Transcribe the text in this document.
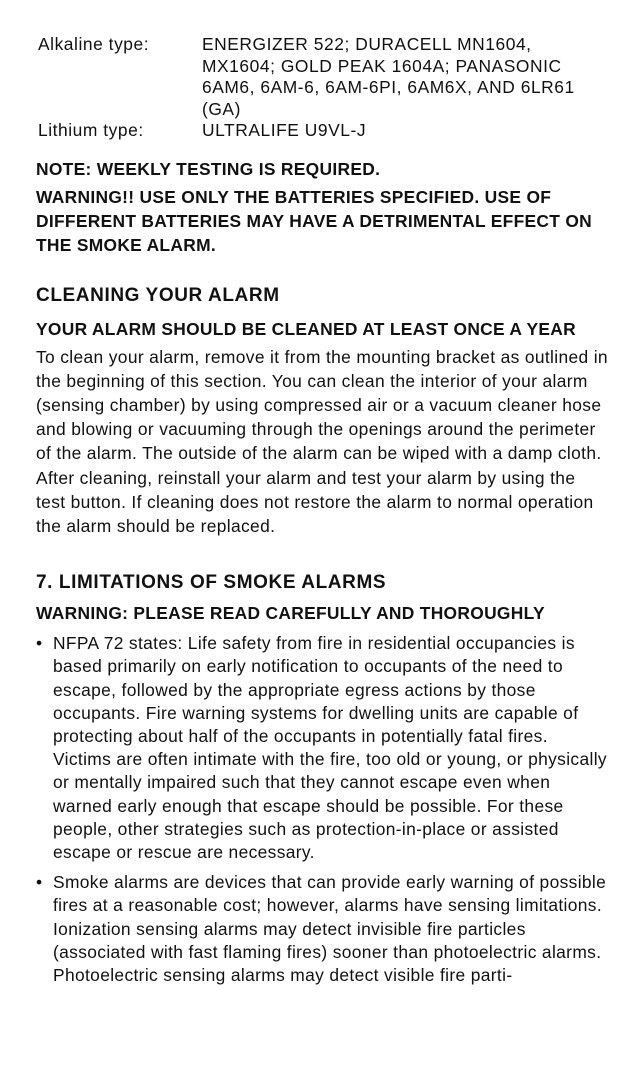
Alkaline type:	ENERGIZER 522; DURACELL MN1604, MX1604; GOLD PEAK 1604A; PANASONIC 6AM6, 6AM-6, 6AM-6PI, 6AM6X, AND 6LR61 (GA)
Lithium type:	ULTRALIFE U9VL-J
NOTE: WEEKLY TESTING IS REQUIRED.
WARNING!! USE ONLY THE BATTERIES SPECIFIED. USE OF DIFFERENT BATTERIES MAY HAVE A DETRIMENTAL EFFECT ON THE SMOKE ALARM.
CLEANING YOUR ALARM
YOUR ALARM SHOULD BE CLEANED AT LEAST ONCE A YEAR
To clean your alarm, remove it from the mounting bracket as outlined in the beginning of this section. You can clean the interior of your alarm (sensing chamber) by using compressed air or a vacuum cleaner hose and blowing or vacuuming through the openings around the perimeter of the alarm. The outside of the alarm can be wiped with a damp cloth. After cleaning, reinstall your alarm and test your alarm by using the test button. If cleaning does not restore the alarm to normal operation the alarm should be replaced.
7. LIMITATIONS OF SMOKE ALARMS
WARNING: PLEASE READ CAREFULLY AND THOROUGHLY
• NFPA 72 states: Life safety from fire in residential occupancies is based primarily on early notification to occupants of the need to escape, followed by the appropriate egress actions by those occupants. Fire warning systems for dwelling units are capable of protecting about half of the occupants in potentially fatal fires. Victims are often intimate with the fire, too old or young, or physically or mentally impaired such that they cannot escape even when warned early enough that escape should be possible. For these people, other strategies such as protection-in-place or assisted escape or rescue are necessary.
• Smoke alarms are devices that can provide early warning of possible fires at a reasonable cost; however, alarms have sensing limitations. Ionization sensing alarms may detect invisible fire particles (associated with fast flaming fires) sooner than photoelectric alarms. Photoelectric sensing alarms may detect visible fire parti-
